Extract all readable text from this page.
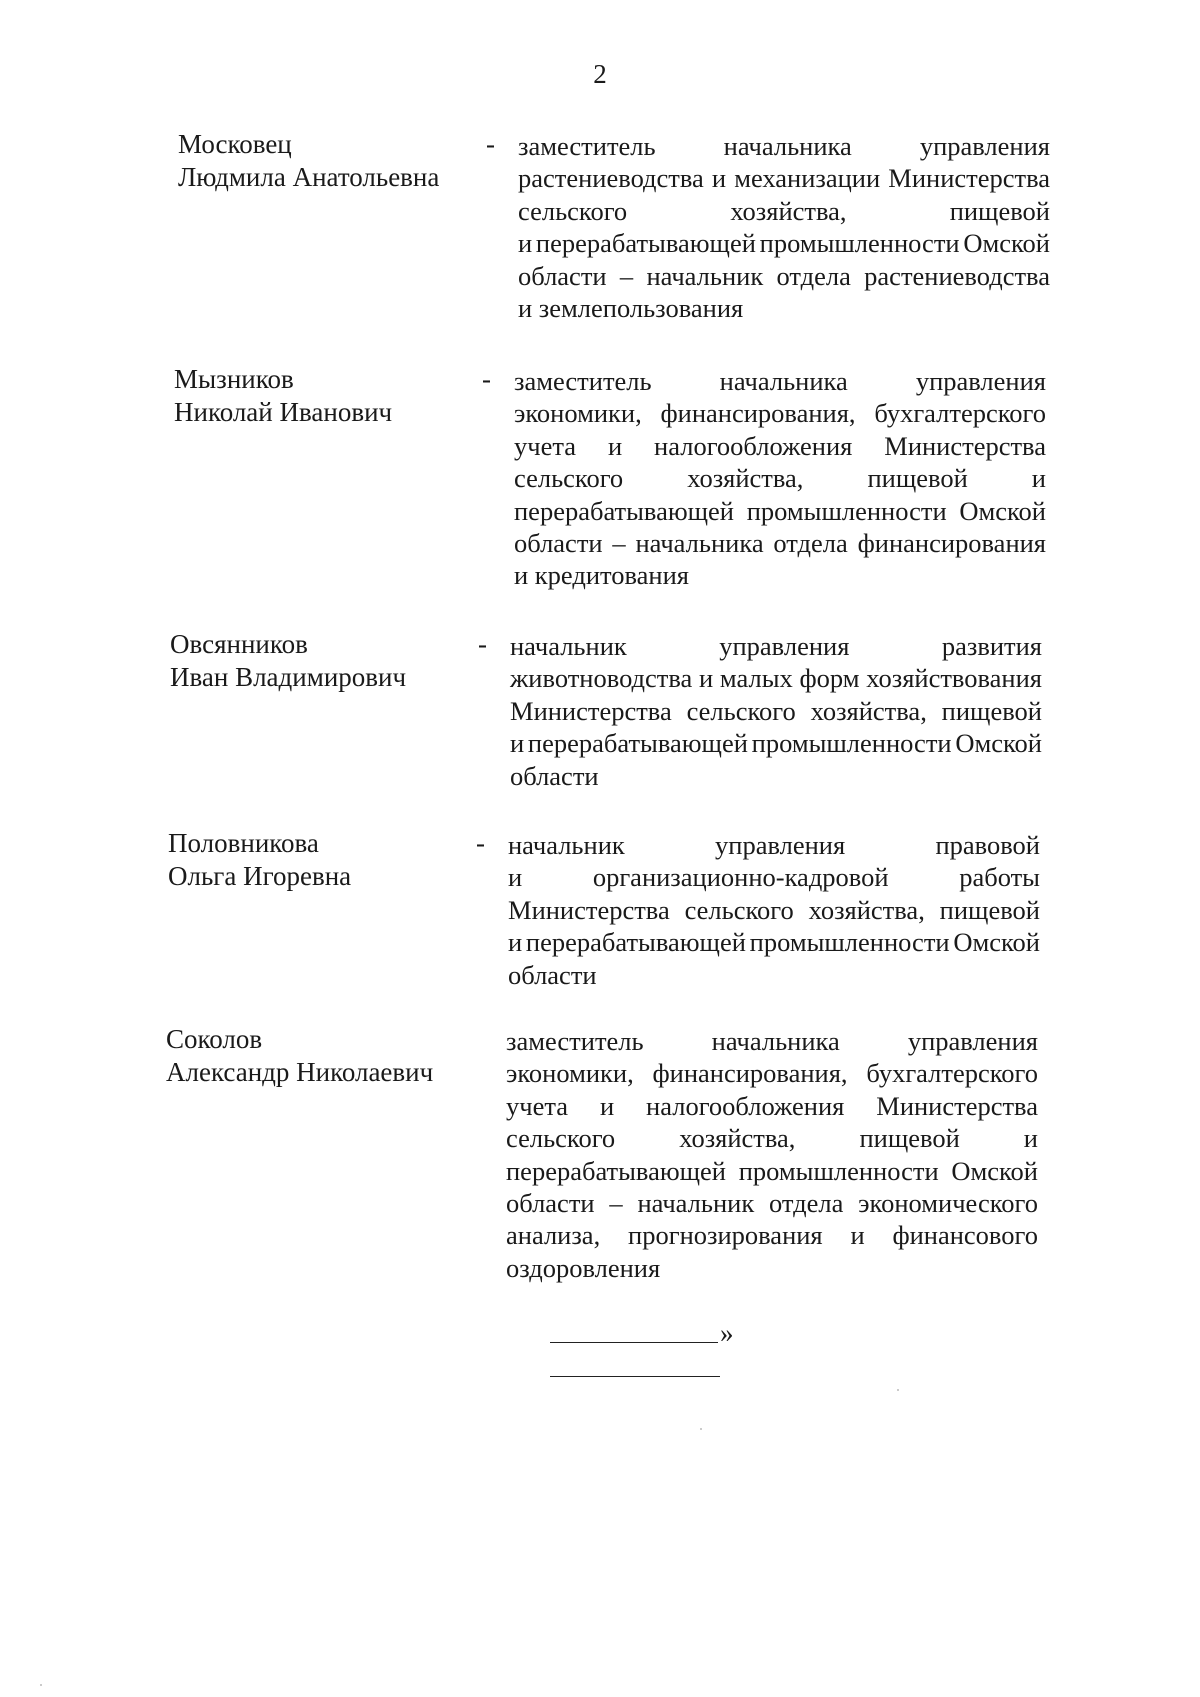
2
Московец
Людмила Анатольевна
- заместитель	начальника	управления
растениеводства и механизации Министерства
сельского	хозяйства,	пищевой
и перерабатывающей промышленности Омской
области – начальник отдела растениеводства
и землепользования
Мызников
Николай Иванович
- заместитель	начальника	управления
экономики, финансирования, бухгалтерского
учета и налогообложения Министерства
сельского хозяйства, пищевой и
перерабатывающей промышленности Омской
области – начальника отдела финансирования
и кредитования
Овсянников
Иван Владимирович
- начальник	управления	развития
животноводства и малых форм хозяйствования
Министерства сельского хозяйства, пищевой
и перерабатывающей промышленности Омской
области
Половникова
Ольга Игоревна
- начальник	управления	правовой
и	организационно-кадровой	работы
Министерства сельского хозяйства, пищевой
и перерабатывающей промышленности Омской
области
Соколов
Александр Николаевич
заместитель	начальника	управления
экономики, финансирования, бухгалтерского
учета и налогообложения Министерства
сельского хозяйства, пищевой и
перерабатывающей промышленности Омской
области – начальник отдела экономического
анализа, прогнозирования и финансового
оздоровления
»
